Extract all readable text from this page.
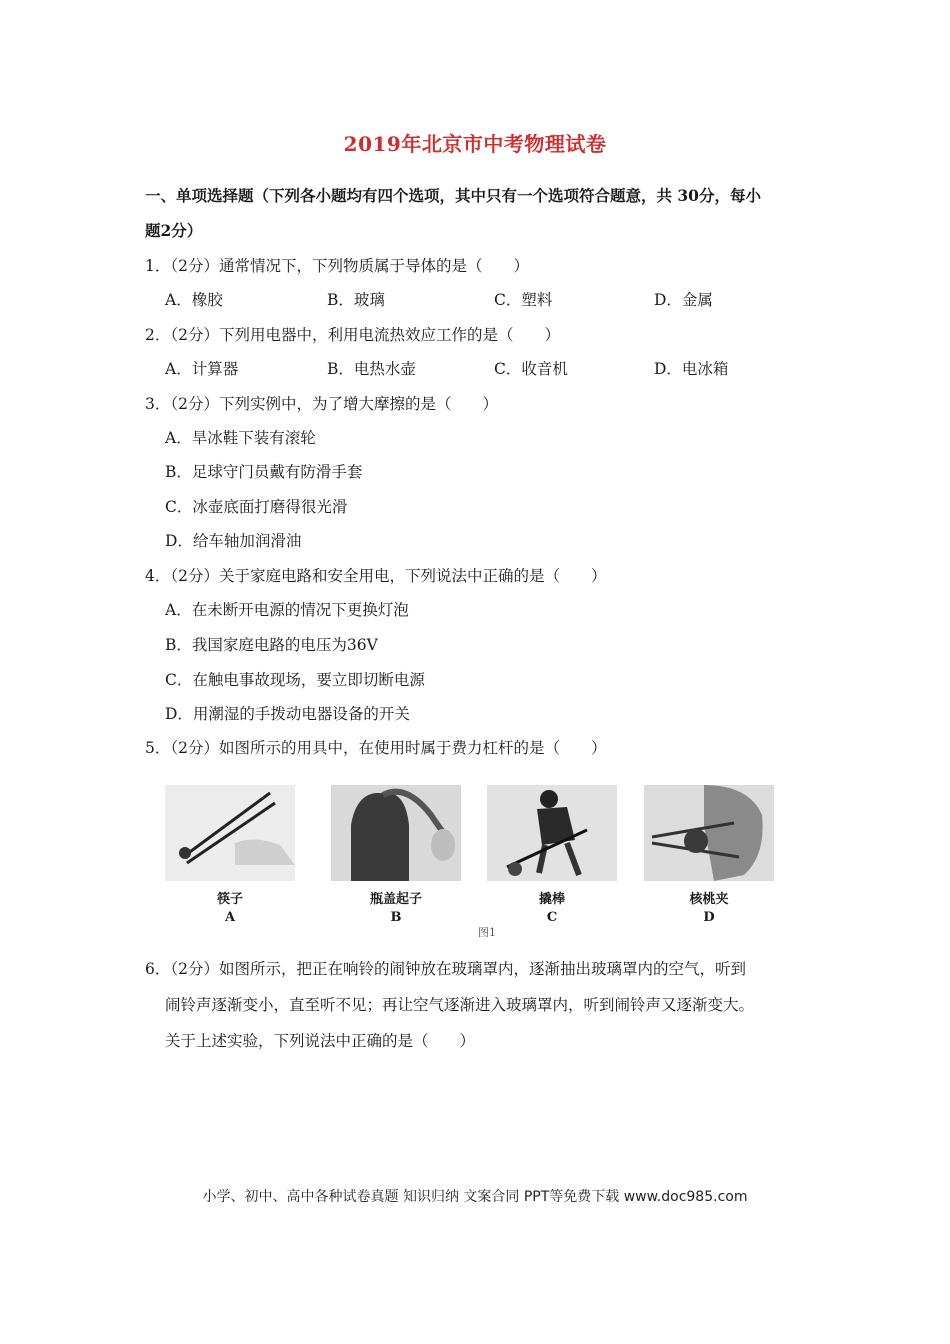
2019年北京市中考物理试卷
一、单项选择题（下列各小题均有四个选项，其中只有一个选项符合题意，共 30分，每小
题2分）
1．（2分）通常情况下，下列物质属于导体的是（　　）
A．橡胶	B．玻璃	C．塑料	D．金属
2．（2分）下列用电器中，利用电流热效应工作的是（　　）
A．计算器	B．电热水壶	C．收音机	D．电冰箱
3．（2分）下列实例中，为了增大摩擦的是（　　）
A．旱冰鞋下装有滚轮
B．足球守门员戴有防滑手套
C．冰壶底面打磨得很光滑
D．给车轴加润滑油
4．（2分）关于家庭电路和安全用电，下列说法中正确的是（　　）
A．在未断开电源的情况下更换灯泡
B．我国家庭电路的电压为36V
C．在触电事故现场，要立即切断电源
D．用潮湿的手拨动电器设备的开关
5．（2分）如图所示的用具中，在使用时属于费力杠杆的是（　　）
筷子	瓶盖起子	撬棒	核桃夹
A	B	C	D
图1
6．（2分）如图所示，把正在响铃的闹钟放在玻璃罩内，逐渐抽出玻璃罩内的空气，听到
闹铃声逐渐变小，直至听不见；再让空气逐渐进入玻璃罩内，听到闹铃声又逐渐变大。
关于上述实验，下列说法中正确的是（　　）
小学、初中、高中各种试卷真题 知识归纳 文案合同 PPT等免费下载 www.doc985.com
